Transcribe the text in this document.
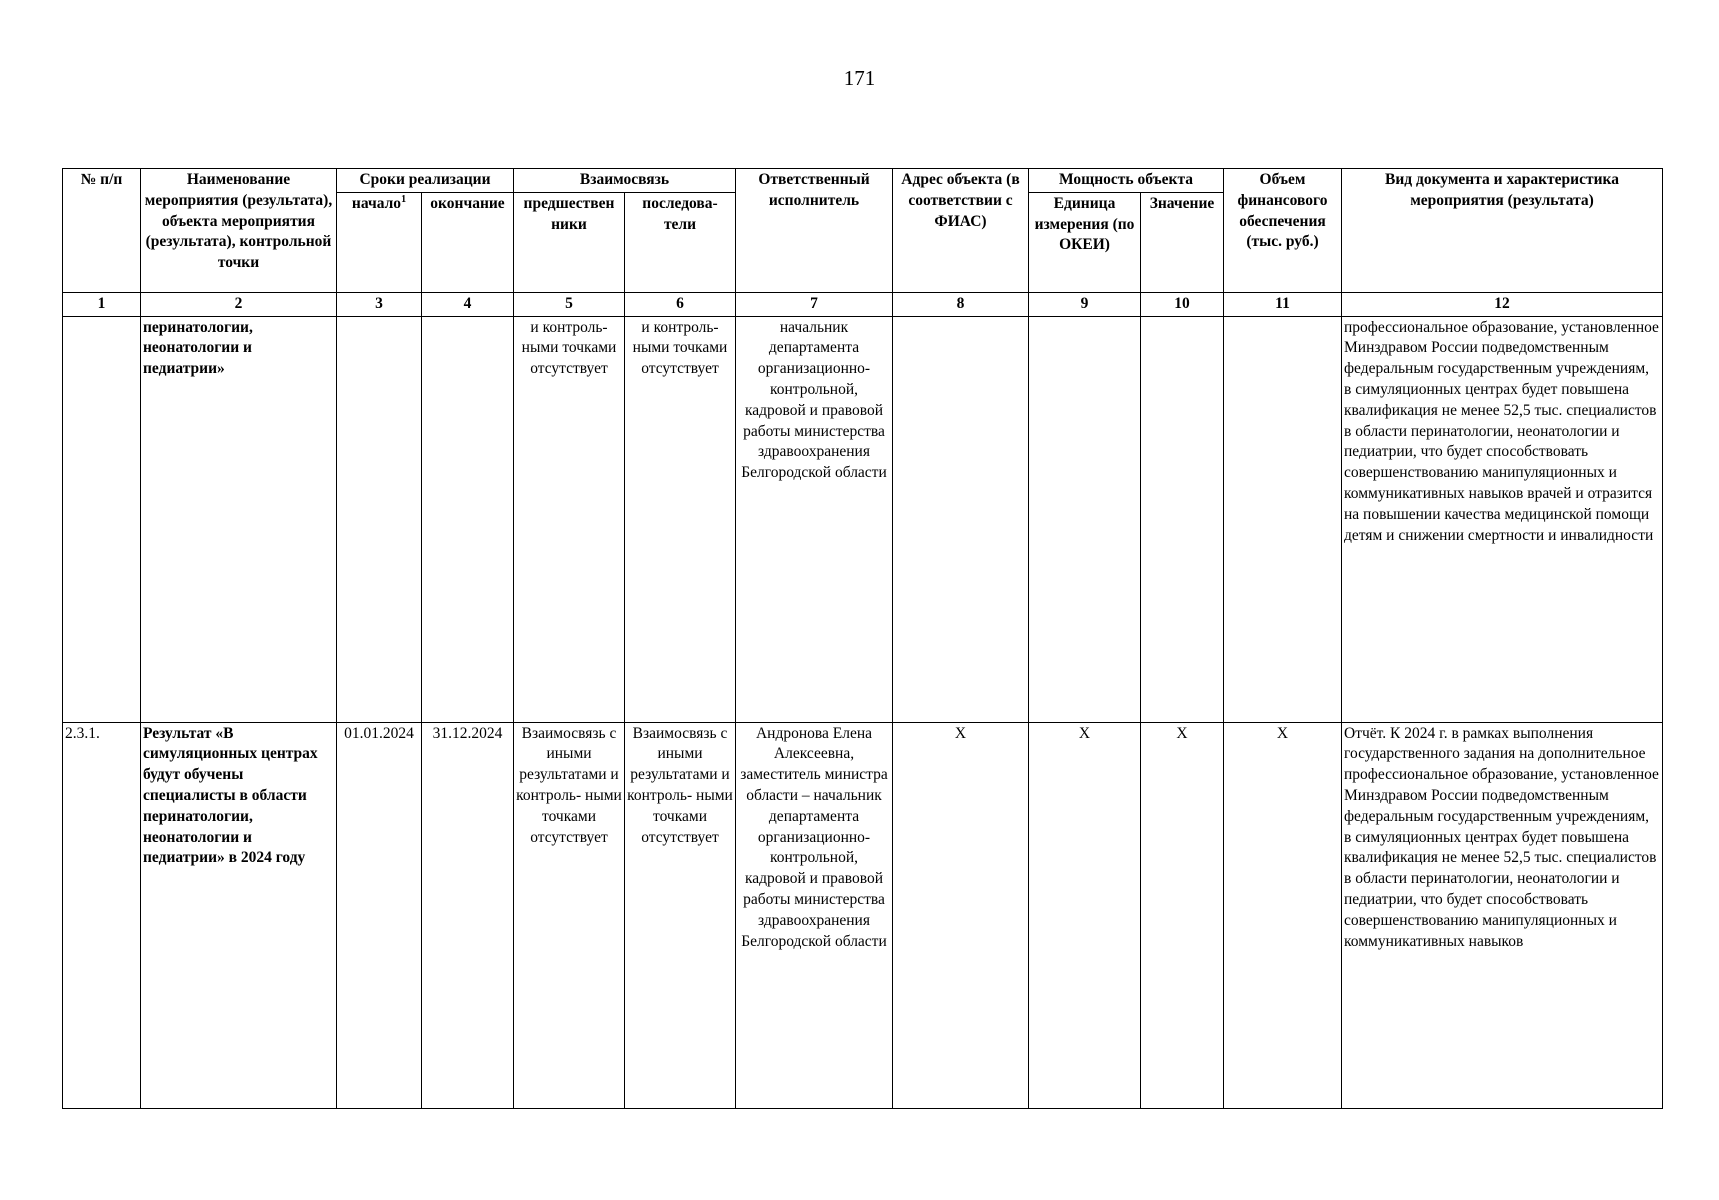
171
№ п/п	Наименование мероприятия (результата), объекта мероприятия (результата), контрольной точки	Сроки реализации		Взаимосвязь		Ответственный исполнитель	Адрес объекта (в соответствии с ФИАС)	Мощность объекта		Объем финансового обеспечения (тыс. руб.)	Вид документа и характеристика мероприятия (результата)
		начало$^1$	окончание	предшествен ники	последова- тели			Единица измерения (по ОКЕИ)	Значение		
1	2	3	4	5	6	7	8	9	10	11	12
	перинатологии, неонатологии и педиатрии»			и контроль- ными точками отсутствует	и контроль- ными точками отсутствует	начальник департамента организационно- контрольной, кадровой и правовой работы министерства здравоохранения Белгородской области					профессиональное образование, установленное Минздравом России подведомственным федеральным государственным учреждениям, в симуляционных центрах будет повышена квалификация не менее 52,5 тыс. специалистов в области перинатологии, неонатологии и педиатрии, что будет способствовать совершенствованию манипуляционных и коммуникативных навыков врачей и отразится на повышении качества медицинской помощи детям и снижении смертности и инвалидности
2.3.1.	Результат «В симуляционных центрах будут обучены специалисты в области перинатологии, неонатологии и педиатрии» в 2024 году	01.01.2024	31.12.2024	Взаимосвязь с иными результатами и контроль- ными точками отсутствует	Взаимосвязь с иными результатами и контроль- ными точками отсутствует	Андронова Елена Алексеевна, заместитель министра области – начальник департамента организационно- контрольной, кадровой и правовой работы министерства здравоохранения Белгородской области	Х	Х	Х	Х	Отчёт. К 2024 г. в рамках выполнения государственного задания на дополнительное профессиональное образование, установленное Минздравом России подведомственным федеральным государственным учреждениям, в симуляционных центрах будет повышена квалификация не менее 52,5 тыс. специалистов в области перинатологии, неонатологии и педиатрии, что будет способствовать совершенствованию манипуляционных и коммуникативных навыков
